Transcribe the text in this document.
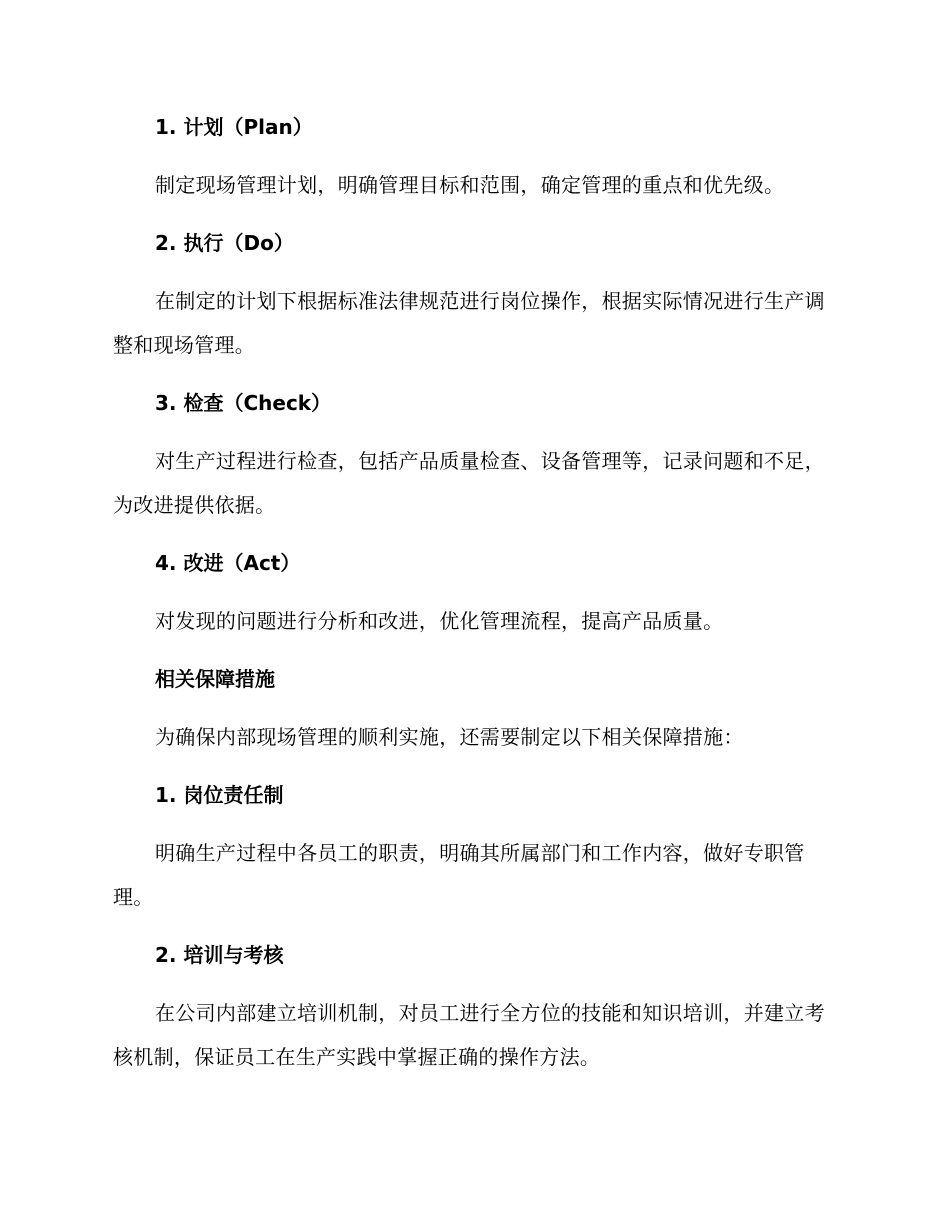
1. 计划（Plan）

制定现场管理计划，明确管理目标和范围，确定管理的重点和优先级。

2. 执行（Do）

在制定的计划下根据标准法律规范进行岗位操作，根据实际情况进行生产调整和现场管理。

3. 检查（Check）

对生产过程进行检查，包括产品质量检查、设备管理等，记录问题和不足，为改进提供依据。

4. 改进（Act）

对发现的问题进行分析和改进，优化管理流程，提高产品质量。

相关保障措施

为确保内部现场管理的顺利实施，还需要制定以下相关保障措施：

1. 岗位责任制

明确生产过程中各员工的职责，明确其所属部门和工作内容，做好专职管理。

2. 培训与考核

在公司内部建立培训机制，对员工进行全方位的技能和知识培训，并建立考核机制，保证员工在生产实践中掌握正确的操作方法。
